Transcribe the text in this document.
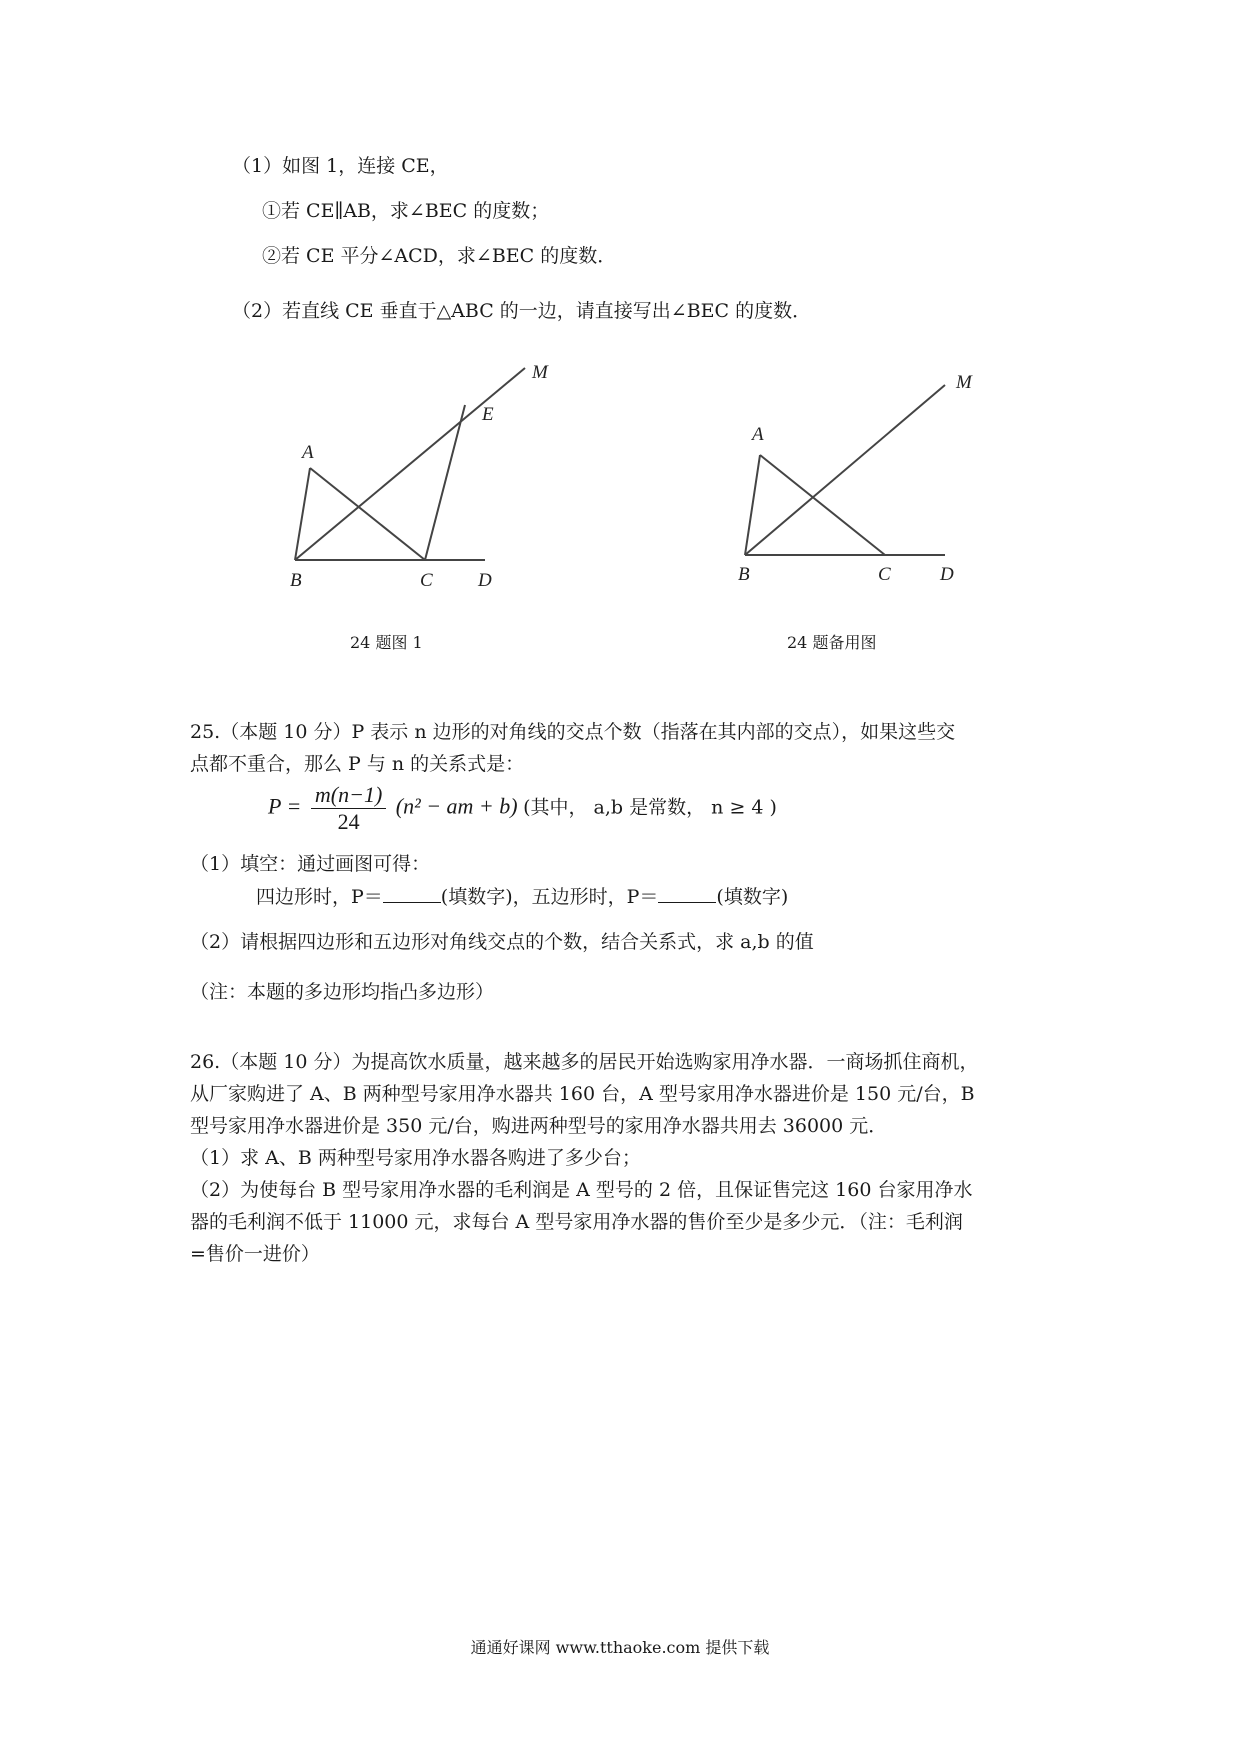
（1）如图 1，连接 CE，
①若 CE∥AB，求∠BEC 的度数；
②若 CE 平分∠ACD，求∠BEC 的度数．
（2）若直线 CE 垂直于△ABC 的一边，请直接写出∠BEC 的度数．
M
E
A
B	C D
24 题图 1
M
A
B	C	D
24 题备用图
25.（本题 10 分）P 表示 n 边形的对角线的交点个数（指落在其内部的交点），如果这些交
点都不重合，那么 P 与 n 的关系式是：
$P = \frac{m(n-1)}{24} (n^2$ − am + b) (其中， a,b 是常数， n ≥ 4 )
（1）填空：通过画图可得：
四边形时，P＝	(填数字)，五边形时，P＝	(填数字)
（2）请根据四边形和五边形对角线交点的个数，结合关系式，求 a,b 的值
（注：本题的多边形均指凸多边形）
26.（本题 10 分）为提高饮水质量，越来越多的居民开始选购家用净水器．一商场抓住商机，
从厂家购进了 A、B 两种型号家用净水器共 160 台，A 型号家用净水器进价是 150 元/台，B
型号家用净水器进价是 350 元/台，购进两种型号的家用净水器共用去 36000 元．
（1）求 A、B 两种型号家用净水器各购进了多少台；
（2）为使每台 B 型号家用净水器的毛利润是 A 型号的 2 倍，且保证售完这 160 台家用净水
器的毛利润不低于 11000 元，求每台 A 型号家用净水器的售价至少是多少元．（注：毛利润
=售价一进价）
通通好课网 www.tthaoke.com 提供下载
